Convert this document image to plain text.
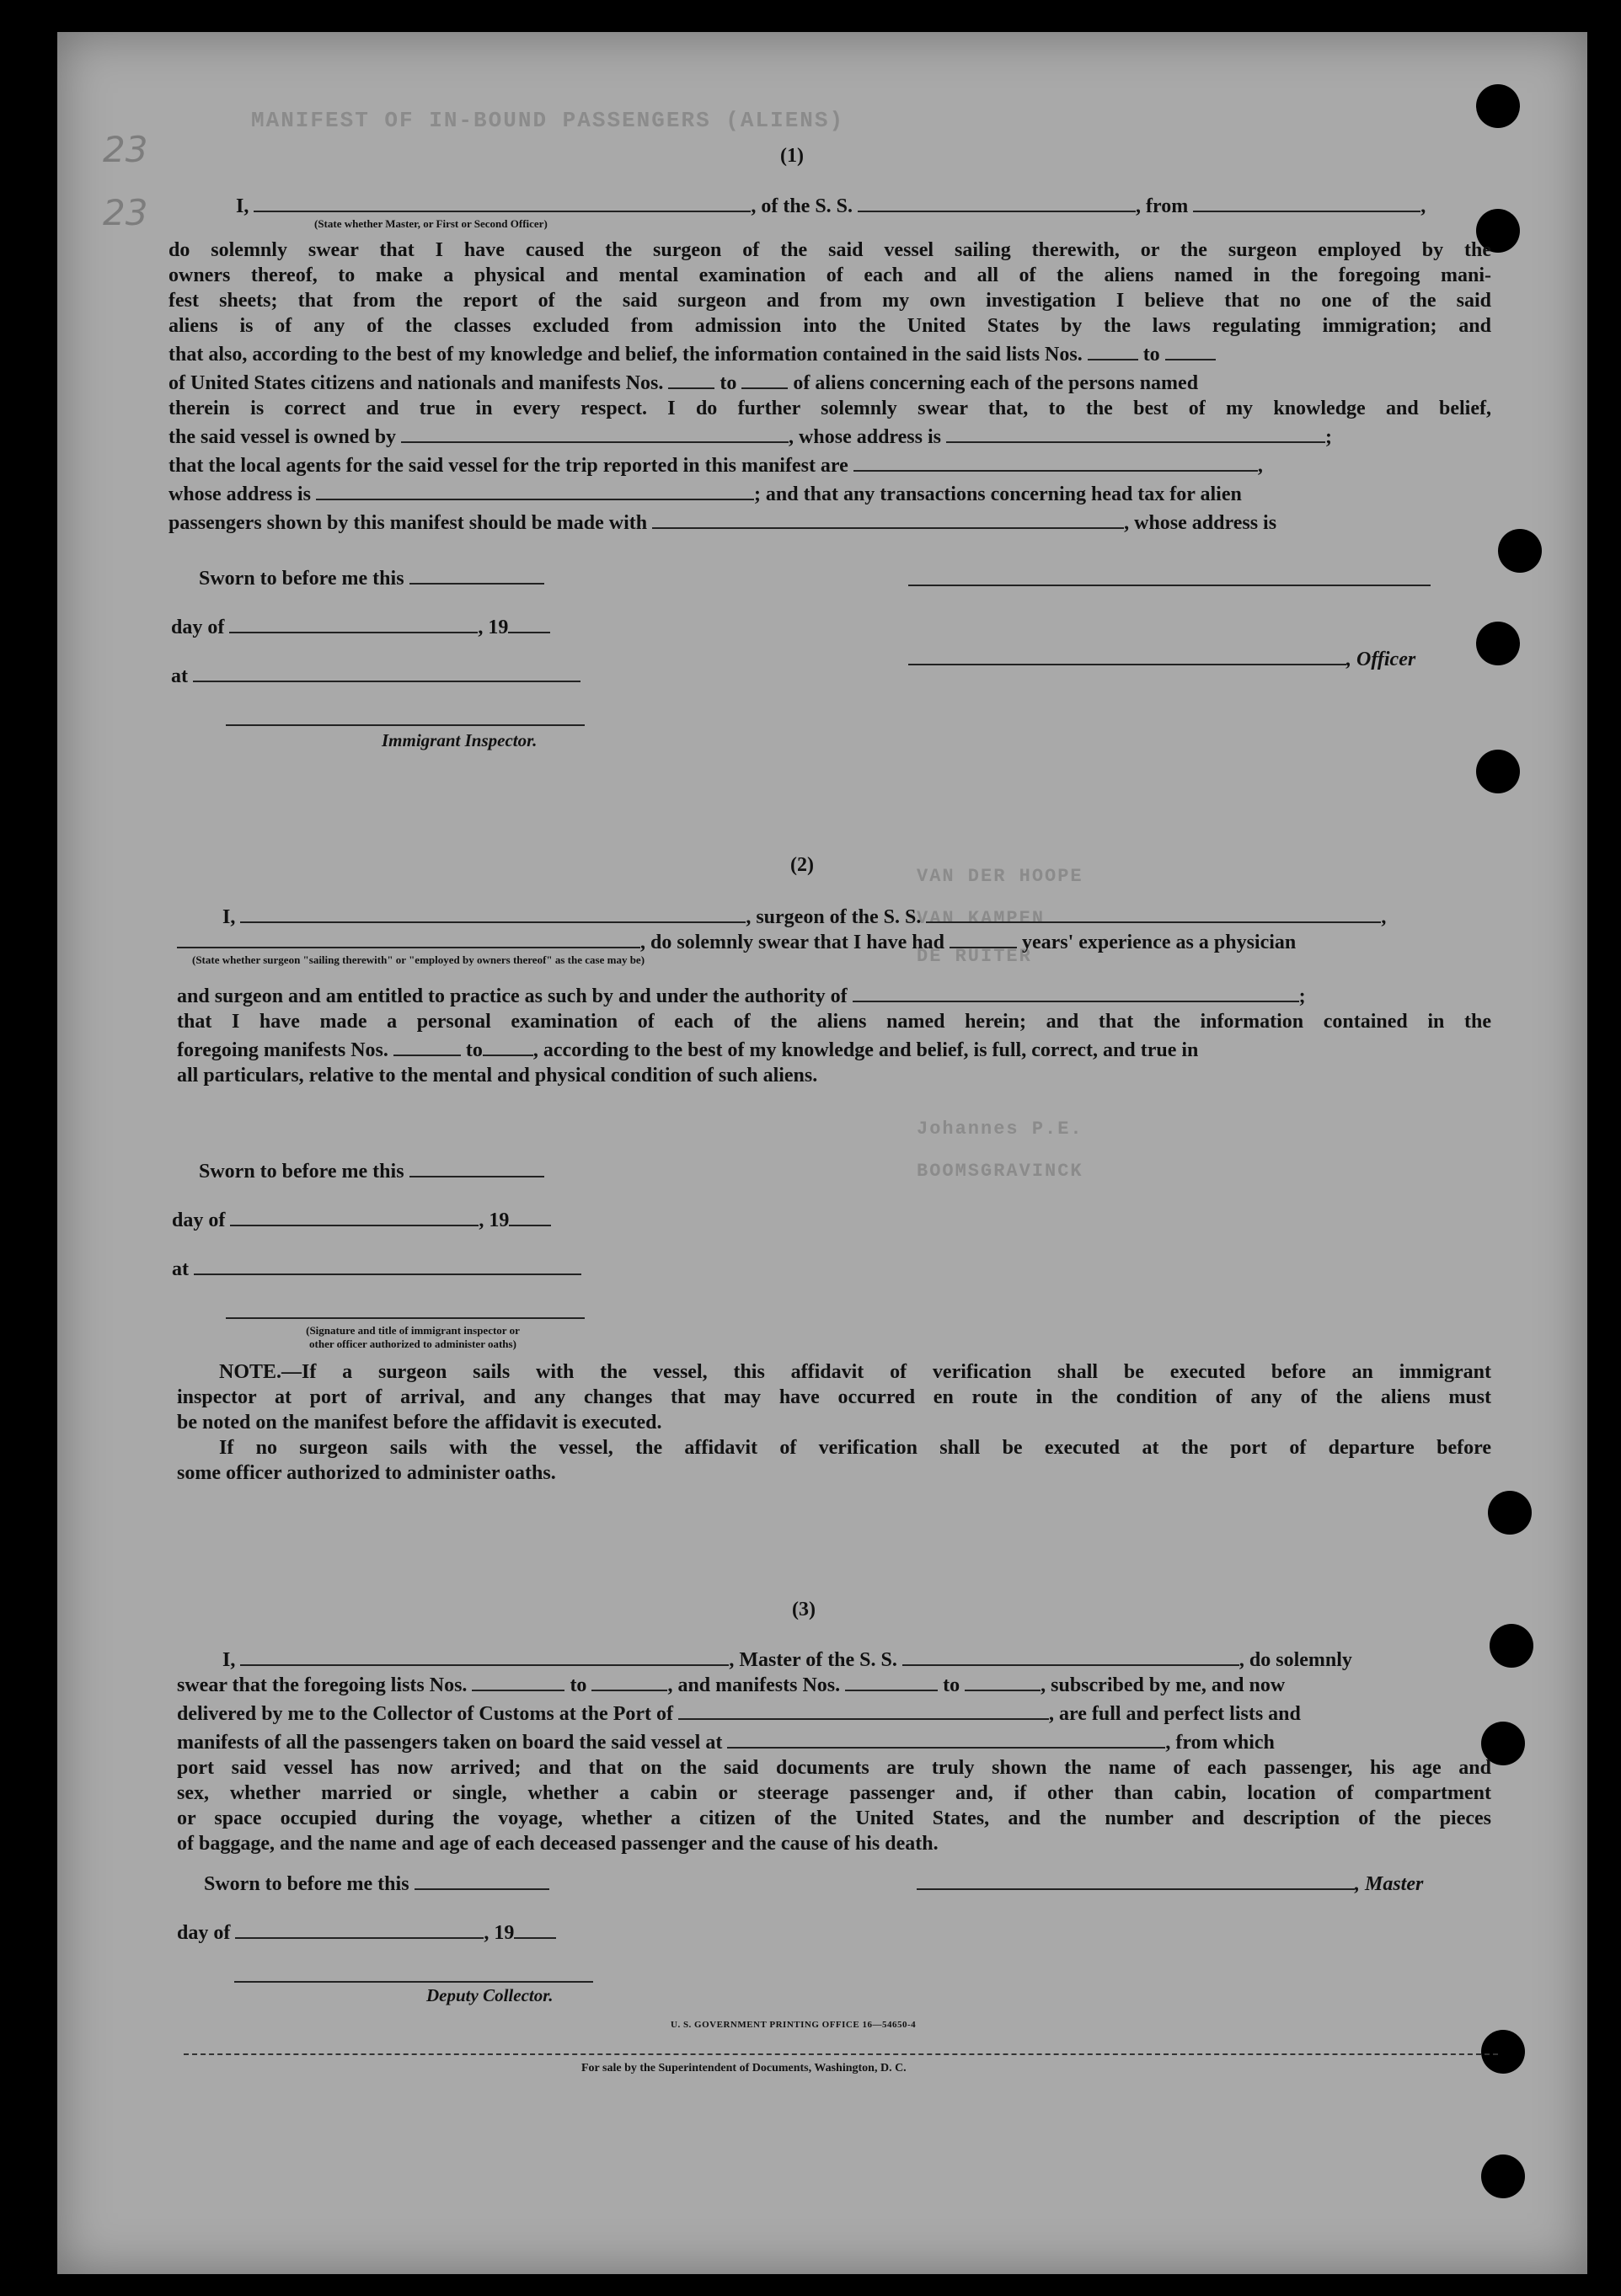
MANIFEST OF IN-BOUND PASSENGERS (ALIENS)
Johannes P.E.
BOOMSGRAVINCK
VAN KAMPEN
DE RUITER
VAN DER HOOPE
23
23
(1)
I,	, of the S. S.	, from	,
(State whether Master, or First or Second Officer)
do solemnly swear that I have caused the surgeon of the said vessel sailing therewith, or the surgeon employed by the
owners thereof, to make a physical and mental examination of each and all of the aliens named in the foregoing mani-
fest sheets; that from the report of the said surgeon and from my own investigation I believe that no one of the said
aliens is of any of the classes excluded from admission into the United States by the laws regulating immigration; and
that also, according to the best of my knowledge and belief, the information contained in the said lists Nos.	to
of United States citizens and nationals and manifests Nos.	to	of aliens concerning each of the persons named
therein is correct and true in every respect. I do further solemnly swear that, to the best of my knowledge and belief,
the said vessel is owned by	, whose address is	;
that the local agents for the said vessel for the trip reported in this manifest are	,
whose address is	; and that any transactions concerning head tax for alien
passengers shown by this manifest should be made with	, whose address is
Sworn to before me this
day of	, 19
, Officer
at
Immigrant Inspector.
(2)
I,	, surgeon of the S. S.	,
, do solemnly swear that I have had	years' experience as a physician
(State whether surgeon "sailing therewith" or "employed by owners thereof" as the case may be)
and surgeon and am entitled to practice as such by and under the authority of	;
that I have made a personal examination of each of the aliens named herein; and that the information contained in the
foregoing manifests Nos.	to	, according to the best of my knowledge and belief, is full, correct, and true in
all particulars, relative to the mental and physical condition of such aliens.
Sworn to before me this
day of	, 19
at
(Signature and title of immigrant inspector or
other officer authorized to administer oaths)
NOTE.—If a surgeon sails with the vessel, this affidavit of verification shall be executed before an immigrant
inspector at port of arrival, and any changes that may have occurred en route in the condition of any of the aliens must
be noted on the manifest before the affidavit is executed.
If no surgeon sails with the vessel, the affidavit of verification shall be executed at the port of departure before
some officer authorized to administer oaths.
(3)
I,	, Master of the S. S.	, do solemnly
swear that the foregoing lists Nos.	to	, and manifests Nos.	to	, subscribed by me, and now
delivered by me to the Collector of Customs at the Port of	, are full and perfect lists and
manifests of all the passengers taken on board the said vessel at	, from which
port said vessel has now arrived; and that on the said documents are truly shown the name of each passenger, his age and
sex, whether married or single, whether a cabin or steerage passenger and, if other than cabin, location of compartment
or space occupied during the voyage, whether a citizen of the United States, and the number and description of the pieces
of baggage, and the name and age of each deceased passenger and the cause of his death.
Sworn to before me this	, Master
day of	, 19
Deputy Collector.
U. S. GOVERNMENT PRINTING OFFICE 16—54650-4
For sale by the Superintendent of Documents, Washington, D. C.
